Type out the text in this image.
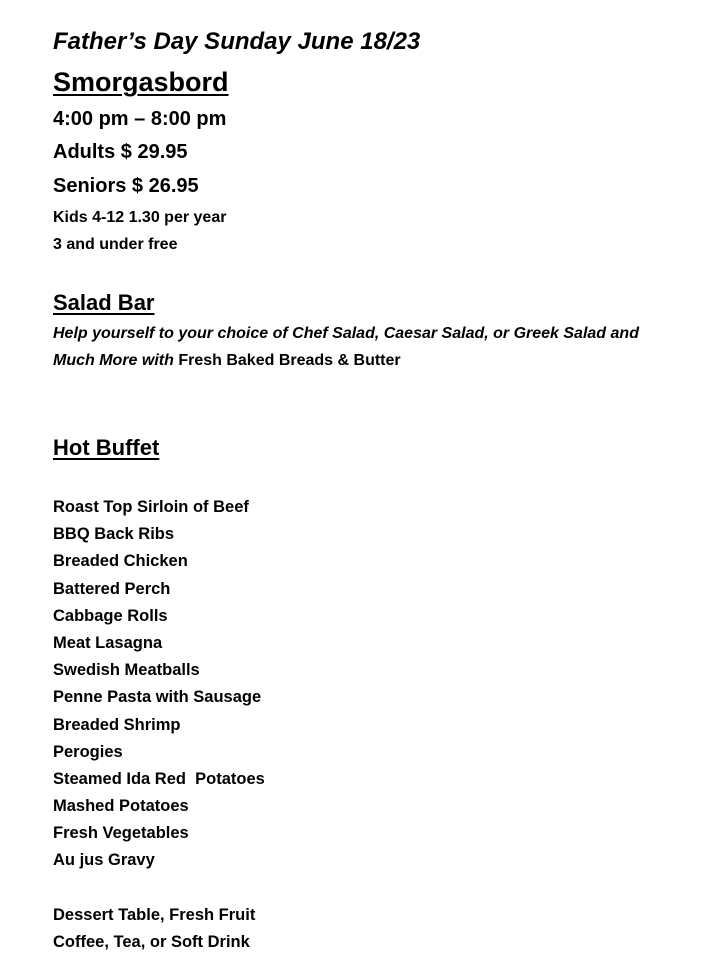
Father’s Day Sunday June 18/23
Smorgasbord
4:00 pm – 8:00 pm
Adults $ 29.95
Seniors $ 26.95
Kids 4-12 1.30 per year
3 and under free
Salad Bar
Help yourself to your choice of Chef Salad, Caesar Salad, or Greek Salad and
Much More with Fresh Baked Breads & Butter
Hot Buffet
Roast Top Sirloin of Beef
BBQ Back Ribs
Breaded Chicken
Battered Perch
Cabbage Rolls
Meat Lasagna
Swedish Meatballs
Penne Pasta with Sausage
Breaded Shrimp
Perogies
Steamed Ida Red  Potatoes
Mashed Potatoes
Fresh Vegetables
Au jus Gravy
Dessert Table, Fresh Fruit
Coffee, Tea, or Soft Drink
